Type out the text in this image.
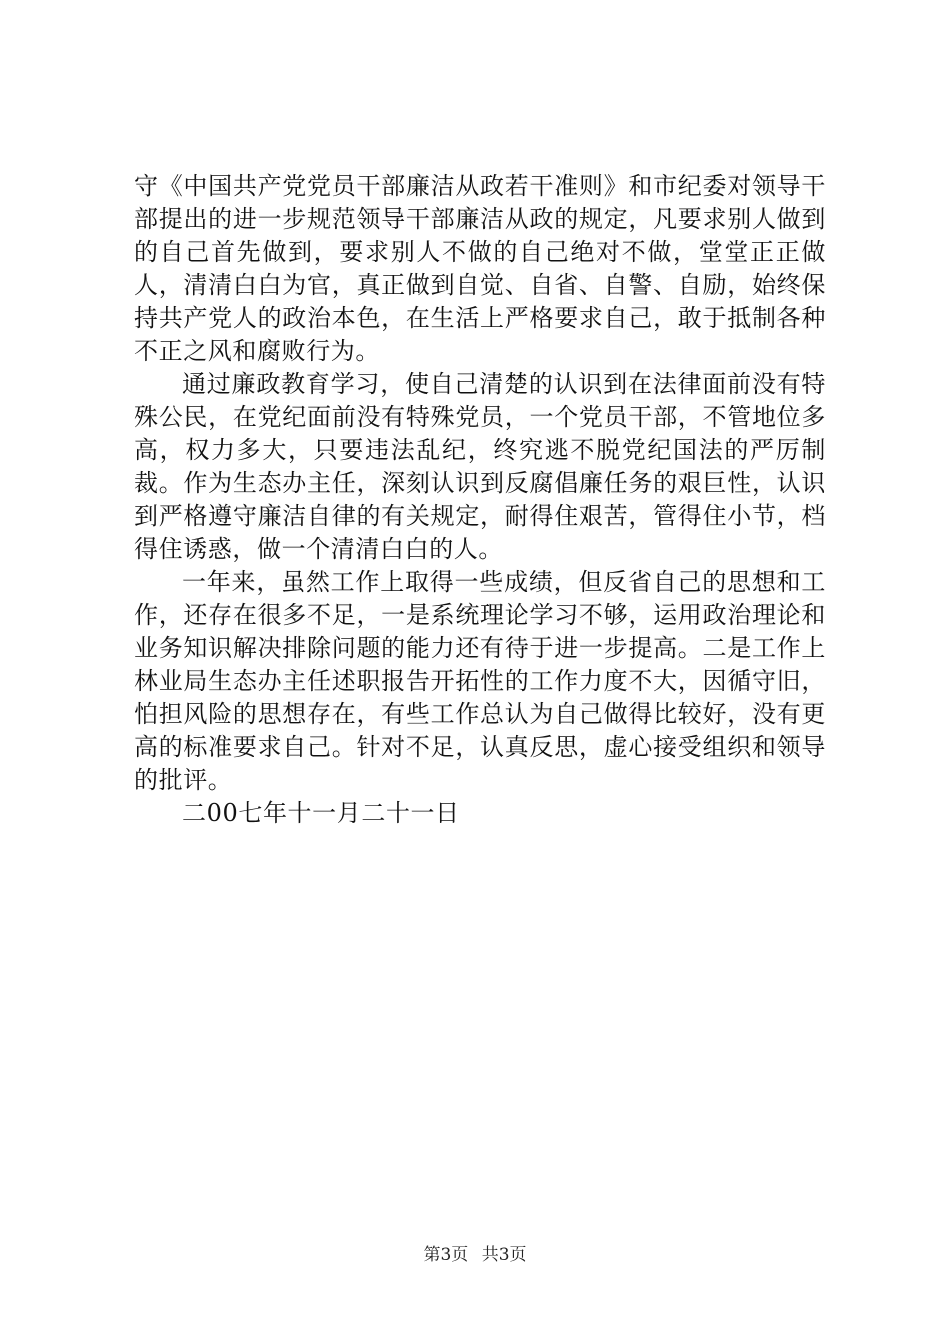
守《中国共产党党员干部廉洁从政若干准则》和市纪委对领导干部提出的进一步规范领导干部廉洁从政的规定，凡要求别人做到的自己首先做到，要求别人不做的自己绝对不做，堂堂正正做人，清清白白为官，真正做到自觉、自省、自警、自励，始终保持共产党人的政治本色，在生活上严格要求自己，敢于抵制各种不正之风和腐败行为。

通过廉政教育学习，使自己清楚的认识到在法律面前没有特殊公民，在党纪面前没有特殊党员，一个党员干部，不管地位多高，权力多大，只要违法乱纪，终究逃不脱党纪国法的严厉制裁。作为生态办主任，深刻认识到反腐倡廉任务的艰巨性，认识到严格遵守廉洁自律的有关规定，耐得住艰苦，管得住小节，档得住诱惑，做一个清清白白的人。

一年来，虽然工作上取得一些成绩，但反省自己的思想和工作，还存在很多不足，一是系统理论学习不够，运用政治理论和业务知识解决排除问题的能力还有待于进一步提高。二是工作上林业局生态办主任述职报告开拓性的工作力度不大，因循守旧，怕担风险的思想存在，有些工作总认为自己做得比较好，没有更高的标准要求自己。针对不足，认真反思，虚心接受组织和领导的批评。

二00七年十一月二十一日

第3页 共3页
